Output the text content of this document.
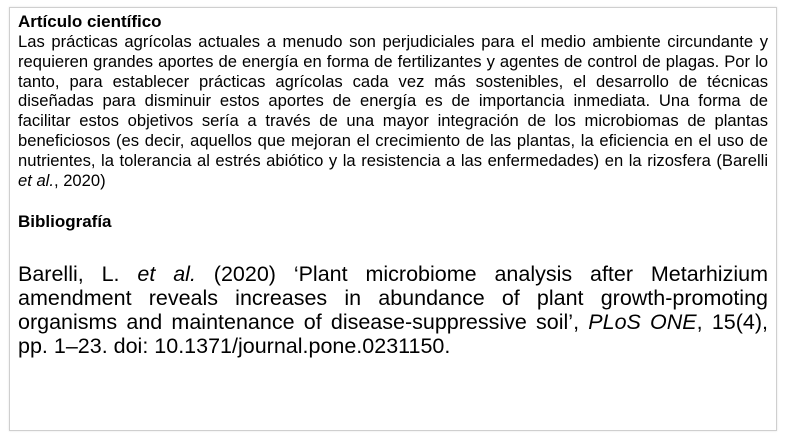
Artículo científico

Las prácticas agrícolas actuales a menudo son perjudiciales para el medio ambiente circundante y requieren grandes aportes de energía en forma de fertilizantes y agentes de control de plagas. Por lo tanto, para establecer prácticas agrícolas cada vez más sostenibles, el desarrollo de técnicas diseñadas para disminuir estos aportes de energía es de importancia inmediata. Una forma de facilitar estos objetivos sería a través de una mayor integración de los microbiomas de plantas beneficiosos (es decir, aquellos que mejoran el crecimiento de las plantas, la eficiencia en el uso de nutrientes, la tolerancia al estrés abiótico y la resistencia a las enfermedades) en la rizosfera (Barelli et al., 2020)

Bibliografía

Barelli, L. et al. (2020) ‘Plant microbiome analysis after Metarhizium amendment reveals increases in abundance of plant growth-promoting organisms and maintenance of disease-suppressive soil’, PLoS ONE, 15(4), pp. 1–23. doi: 10.1371/journal.pone.0231150.
